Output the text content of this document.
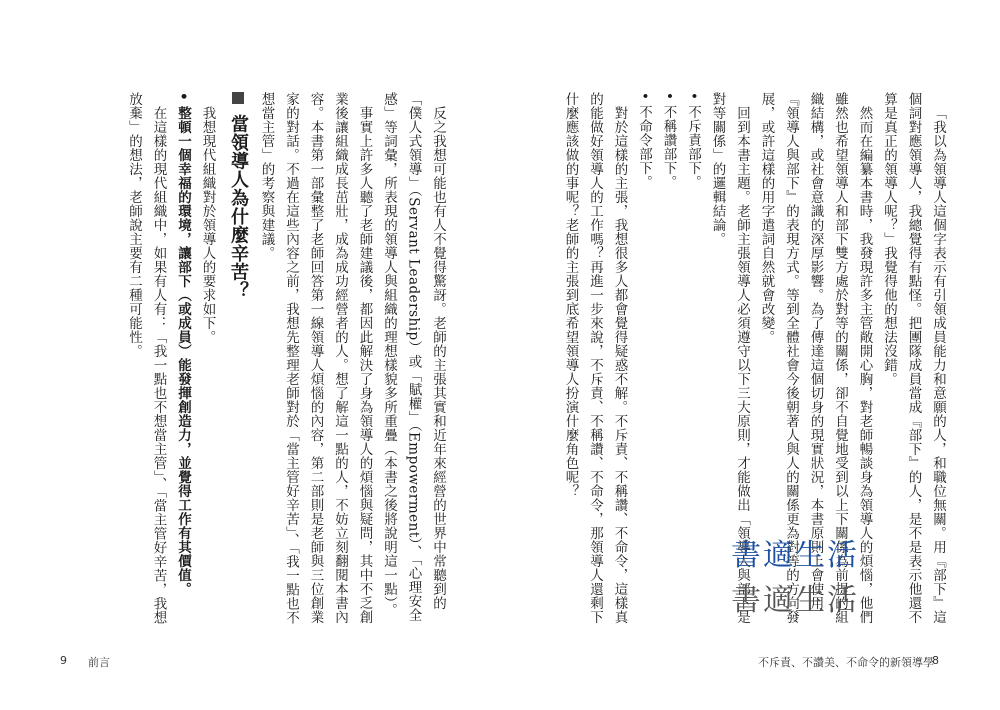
「我以為領導人這個字表示有引領成員能力和意願的人，和職位無關。用『部下』這個詞對應領導人，我總覺得有點怪。把團隊成員當成『部下』的人，是不是表示他還不算是真正的領導人呢？」我覺得他的想法沒錯。

然而在編纂本書時，我發現許多主管敞開心胸，對老師暢談身為領導人的煩惱，他們雖然也希望領導人和部下雙方處於對等的關係，卻不自覺地受到以上下關係為前提的組織結構，或社會意識的深厚影響。為了傳達這個切身的現實狀況，本書原則上會使用『領導人與部下』的表現方式。等到全體社會今後朝著人與人的關係更為對等的方向發展，或許這樣的用字遣詞自然就會改變。

回到本書主題。老師主張領導人必須遵守以下三大原則，才能做出「領導人與部下是對等關係」的邏輯結論。

• 不斥責部下。

• 不稱讚部下。

• 不命令部下。

對於這樣的主張，我想很多人都會覺得疑惑不解。不斥責、不稱讚、不命令，這樣真的能做好領導人的工作嗎？再進一步來說，不斥責、不稱讚、不命令，那領導人還剩下什麼應該做的事呢？老師的主張到底希望領導人扮演什麼角色呢？

不斥責、不讚美、不命令的新領導學
8

反之我想可能也有人不覺得驚訝。老師的主張其實和近年來經營的世界中常聽到的「僕人式領導」（Servant Leadership）或「賦權」（Empowerment）、「心理安全感」等詞彙，所表現的領導人與組織的理想樣貌多所重疊（本書之後將說明這一點）。

事實上許多人聽了老師建議後，都因此解決了身為領導人的煩惱與疑問，其中不乏創業後讓組織成長茁壯，成為成功經營者的人。想了解這一點的人，不妨立刻翻閱本書內容。本書第一部彙整了老師回答第一線領導人煩惱的內容，第二部則是老師與三位創業家的對話。不過在這些內容之前，我想先整理老師對於「當主管好辛苦」、「我一點也不想當主管」的考察與建議。

當領導人為什麼辛苦？

我想現代組織對於領導人的要求如下。

• 整頓一個幸福的環境，讓部下（或成員）能發揮創造力，並覺得工作有其價值。

在這樣的現代組織中，如果有人有：「我一點也不想當主管」、「當主管好辛苦，我想放棄」的想法，老師說主要有二種可能性。

9 前言
書適生活
書適生活
